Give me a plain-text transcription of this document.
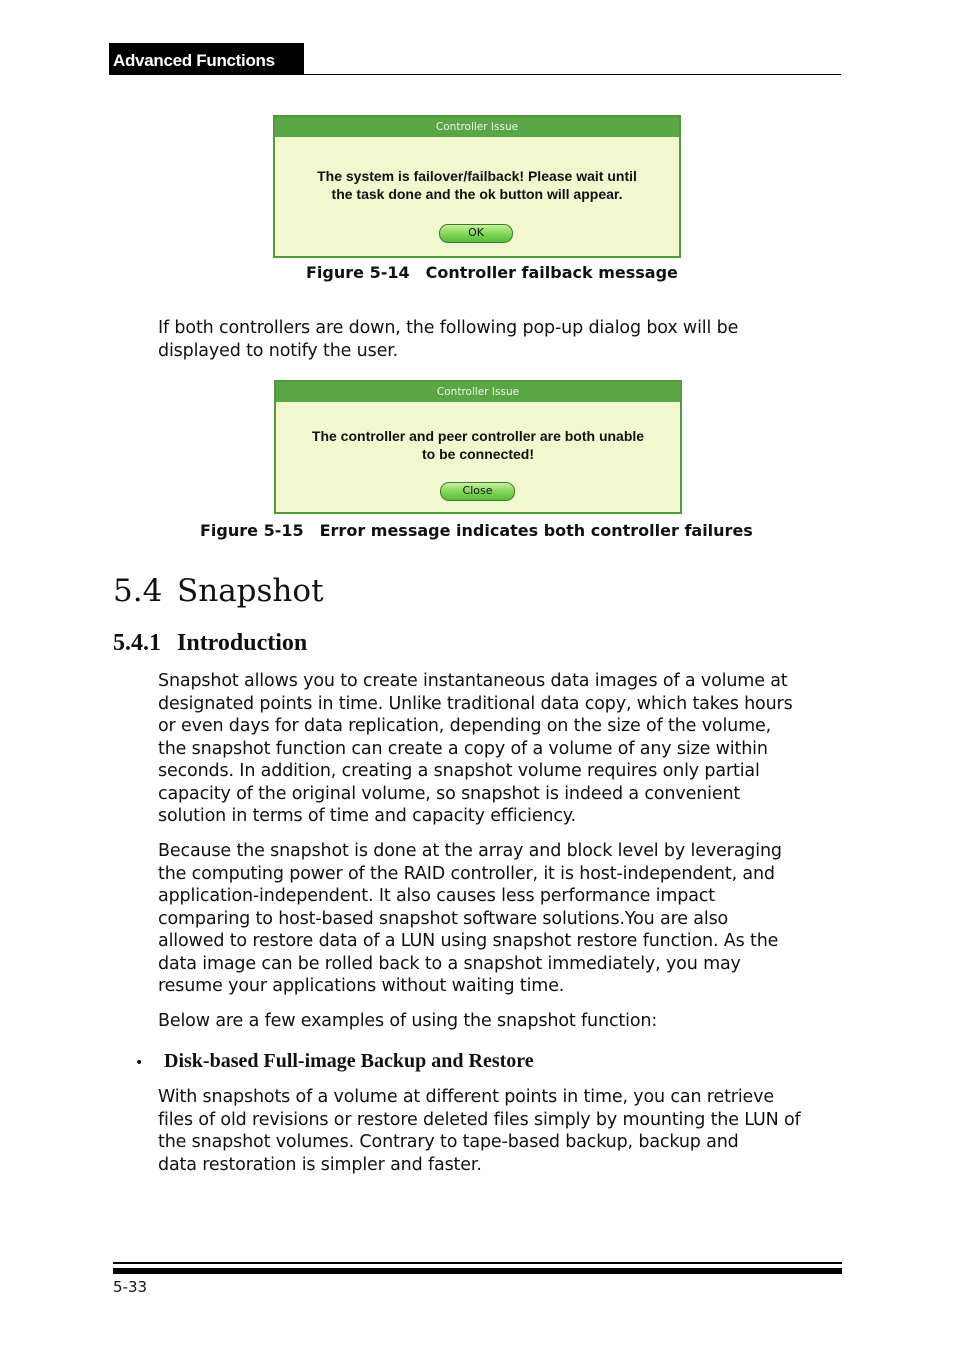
Advanced Functions
Controller Issue
The system is failover/failback! Please wait until
the task done and the ok button will appear.
OK
Figure 5-14 Controller failback message
If both controllers are down, the following pop-up dialog box will be
displayed to notify the user.
Controller Issue
The controller and peer controller are both unable
to be connected!
Close
Figure 5-15 Error message indicates both controller failures
5.4 Snapshot
5.4.1 Introduction
Snapshot allows you to create instantaneous data images of a volume at
designated points in time. Unlike traditional data copy, which takes hours
or even days for data replication, depending on the size of the volume,
the snapshot function can create a copy of a volume of any size within
seconds. In addition, creating a snapshot volume requires only partial
capacity of the original volume, so snapshot is indeed a convenient
solution in terms of time and capacity efficiency.
Because the snapshot is done at the array and block level by leveraging
the computing power of the RAID controller, it is host-independent, and
application-independent. It also causes less performance impact
comparing to host-based snapshot software solutions.You are also
allowed to restore data of a LUN using snapshot restore function. As the
data image can be rolled back to a snapshot immediately, you may
resume your applications without waiting time.
Below are a few examples of using the snapshot function:
• Disk-based Full-image Backup and Restore
With snapshots of a volume at different points in time, you can retrieve
files of old revisions or restore deleted files simply by mounting the LUN of
the snapshot volumes. Contrary to tape-based backup, backup and
data restoration is simpler and faster.
5-33
